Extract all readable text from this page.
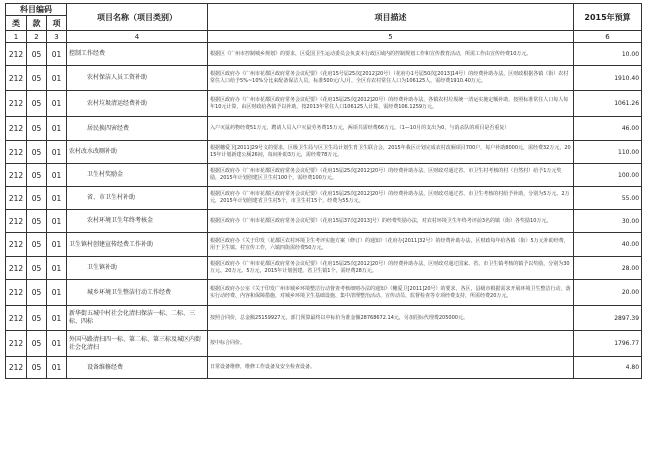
科目编码			项目名称（项目类别）	项目描述	2015年预算
类	款	项			
1	2	3	4	5	6
212	05	01	控制工作经费	根据区《广州市控制城乡规划》的要求，区爱国卫生运动委员会负责本行政区域内的控制规划工作和宣传教育活动，所需工作由宣传经费10万元。	10.00
212	05	01	农村保洁人员工资补助	根据区政府办《广州市花都区政府常务会议纪要》（花府15号届25次[2012]20号）（花府办1号届50次[2013]14号）的经费补助办法，区财政根据各镇（街）农村常住人口给予5%~10%分比来配备保洁人员，标准500元/人/月，全区有农村常住人口为106125人，需经费1910.40万元。	1910.40
212	05	01	农村垃圾清运经费补助	根据区政府办《广州市花都区政府常务会议纪要》（花府15届25次[2012]20号）的经费补助办法，各镇农村垃圾统一清运实施定额补助，按照标准常住人口每人每年10元计算，由区财政给各镇予以补助，按2013年常住人口106125人计算，需经费106.1259万元。	1061.26
212	05	01	居民换四害经费	入户灭鼠药物经费51万元，聘请人员入户灭鼠劳务费15万元，两项共需经费66万元。（1—10月的支出为0，与消杀队的项目是否重复）	46.00
212	05	01	农村改水改厕补助	根据穗爱卫[2011]29号文的要求，区级卫生局与区卫生局计划生育卫生联合会，2015年我区计划完成农村改厕项目700户，每户补助8000元，需经费32万元，2015年计划新建公厕26间，每间补助3万元，需经费78万元。	110.00
212	05	01	卫生村奖励金	根据区政府办《广州市花都区政府常务会议纪要》（花府15届25次[2012]20号）的经费补助办法，区财政对通过省、市卫生村考核的村（自然村）给予1万元奖励，2015年计划创建区卫生村100个，需经费100万元。	100.00
212	05	01	省、市卫生村补助	根据区政府办《广州市花都区政府常务会议纪要》（花府15届25次[2012]20号）的经费补助办法，区财政对通过省、市卫生考核的村给予补助，分别为5万元、2万元，2015年计划创建省卫生村5个，市卫生村15个，经费为55万元。	55.00
212	05	01	农村环境卫生年终考核金	根据区政府办《广州市花都区政府常务会议纪要》（花府15届37次[2013]号）的经费奖励办法，对农村环境卫生年终考评前3名的镇（街）各奖励10万元。	30.00
212	05	01	卫生镇村创建宣传经费工作补助	根据区政府办《关于印发〈花都区农村环境卫生考评实施方案（修订）的通知》（花府办[2011]32号）的经费补助办法，区财政每年给各镇（街）5万元补助经费，用于卫生镇、村宣传工作，六镇四街需经费50万元。	40.00
212	05	01	卫生镇补助	根据区政府办《广州市花都区政府常务会议纪要》（花府15届25次[2012]20号）的经费补助办法，区财政对通过国家、省、市卫生镇考核的镇予以奖励，分别为30万元、20万元、5万元，2015年计划创建，省卫生镇1个，需经费28万元。	28.00
212	05	01	城乡环境卫生整洁行动工作经费	根据区政府办公室《关于印发广州市城乡环境整洁行动督查考核细则办法的通知》（穗爱卫[2011]20号）的要求，各区，县级市根据需求开展环境卫生整洁行动，落实行动经费、内容和保障措施，对城乡环境卫生基础设施、集中清理整治活动、宣传动员、监督检查等专项经费支持，所需经费20万元。	20.00
212	05	01	新华街五城中村社会化清扫保洁一标、二标、三标、四标	按照合同价，总金额25159927元，部门预算最终以中标价为准金额28768672.14元，另加招标代理费205000元。	2897.39
212	05	01	外国马路清扫四一标、第二标、第三标及城区内街社会化清扫	按中标合同价。	1796.77
212	05	01	设备维修经费	日常设备维修，维修工作设备及安全检查设备。	4.80
